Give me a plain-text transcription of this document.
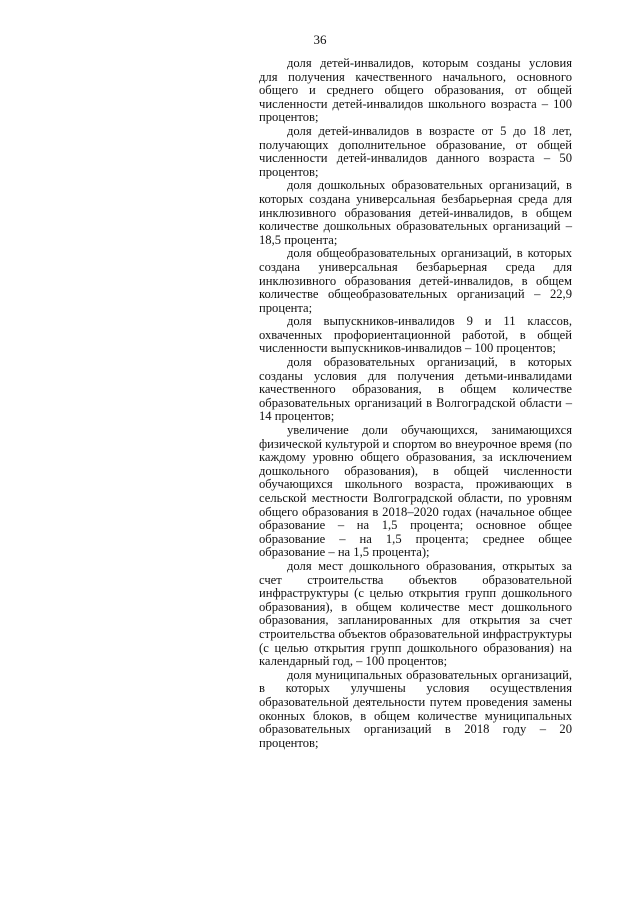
36

доля детей-инвалидов, которым созданы условия для получения качественного начального, основного общего и среднего общего образования, от общей численности детей-инвалидов школьного возраста – 100 процентов;

доля детей-инвалидов в возрасте от 5 до 18 лет, получающих дополнительное образование, от общей численности детей-инвалидов данного возраста – 50 процентов;

доля дошкольных образовательных организаций, в которых создана универсальная безбарьерная среда для инклюзивного образования детей-инвалидов, в общем количестве дошкольных образовательных организаций – 18,5 процента;

доля общеобразовательных организаций, в которых создана универсальная безбарьерная среда для инклюзивного образования детей-инвалидов, в общем количестве общеобразовательных организаций – 22,9 процента;

доля выпускников-инвалидов 9 и 11 классов, охваченных профориентационной работой, в общей численности выпускников-инвалидов – 100 процентов;

доля образовательных организаций, в которых созданы условия для получения детьми-инвалидами качественного образования, в общем количестве образовательных организаций в Волгоградской области – 14 процентов;

увеличение доли обучающихся, занимающихся физической культурой и спортом во внеурочное время (по каждому уровню общего образования, за исключением дошкольного образования), в общей численности обучающихся школьного возраста, проживающих в сельской местности Волгоградской области, по уровням общего образования в 2018–2020 годах (начальное общее образование – на 1,5 процента; основное общее образование – на 1,5 процента; среднее общее образование – на 1,5 процента);

доля мест дошкольного образования, открытых за счет строительства объектов образовательной инфраструктуры (с целью открытия групп дошкольного образования), в общем количестве мест дошкольного образования, запланированных для открытия за счет строительства объектов образовательной инфраструктуры (с целью открытия групп дошкольного образования) на календарный год, – 100 процентов;

доля муниципальных образовательных организаций, в которых улучшены условия осуществления образовательной деятельности путем проведения замены оконных блоков, в общем количестве муниципальных образовательных организаций в 2018 году – 20 процентов;
